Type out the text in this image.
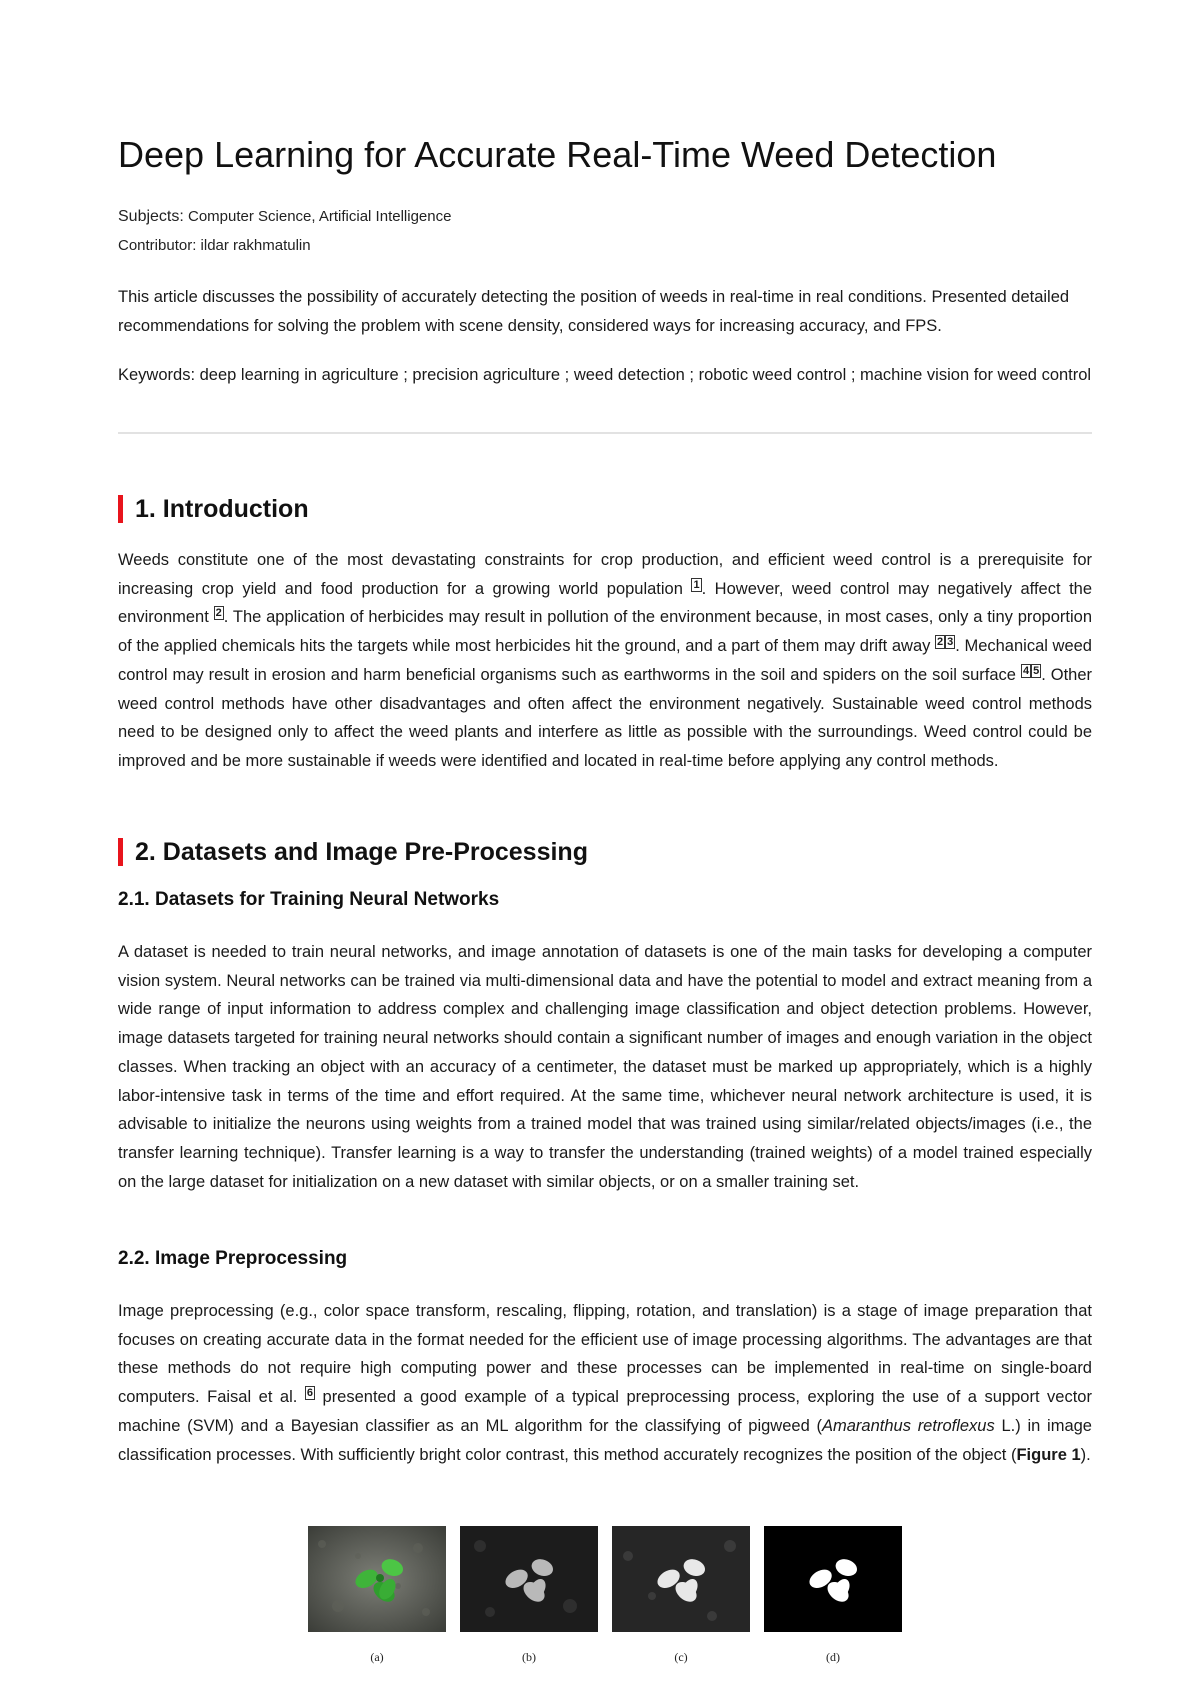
Deep Learning for Accurate Real-Time Weed Detection
Subjects: Computer Science, Artificial Intelligence
Contributor: ildar rakhmatulin

This article discusses the possibility of accurately detecting the position of weeds in real-time in real conditions. Presented detailed recommendations for solving the problem with scene density, considered ways for increasing accuracy, and FPS.

Keywords: deep learning in agriculture ; precision agriculture ; weed detection ; robotic weed control ; machine vision for weed control

1. Introduction

Weeds constitute one of the most devastating constraints for crop production, and efficient weed control is a prerequisite for increasing crop yield and food production for a growing world population $^1$ . However, weed control may negatively affect the environment $^2$ . The application of herbicides may result in pollution of the environment because, in most cases, only a tiny proportion of the applied chemicals hits the targets while most herbicides hit the ground, and a part of them may drift away $^{2 3}$ . Mechanical weed control may result in erosion and harm beneficial organisms such as earthworms in the soil and spiders on the soil surface $^{4 5}$ . Other weed control methods have other disadvantages and often affect the environment negatively. Sustainable weed control methods need to be designed only to affect the weed plants and interfere as little as possible with the surroundings. Weed control could be improved and be more sustainable if weeds were identified and located in real-time before applying any control methods.

2. Datasets and Image Pre-Processing
2.1. Datasets for Training Neural Networks

A dataset is needed to train neural networks, and image annotation of datasets is one of the main tasks for developing a computer vision system. Neural networks can be trained via multi-dimensional data and have the potential to model and extract meaning from a wide range of input information to address complex and challenging image classification and object detection problems. However, image datasets targeted for training neural networks should contain a significant number of images and enough variation in the object classes. When tracking an object with an accuracy of a centimeter, the dataset must be marked up appropriately, which is a highly labor-intensive task in terms of the time and effort required. At the same time, whichever neural network architecture is used, it is advisable to initialize the neurons using weights from a trained model that was trained using similar/related objects/images (i.e., the transfer learning technique). Transfer learning is a way to transfer the understanding (trained weights) of a model trained especially on the large dataset for initialization on a new dataset with similar objects, or on a smaller training set.

2.2. Image Preprocessing

Image preprocessing (e.g., color space transform, rescaling, flipping, rotation, and translation) is a stage of image preparation that focuses on creating accurate data in the format needed for the efficient use of image processing algorithms. The advantages are that these methods do not require high computing power and these processes can be implemented in real-time on single-board computers. Faisal et al. $^6$ presented a good example of a typical preprocessing process, exploring the use of a support vector machine (SVM) and a Bayesian classifier as an ML algorithm for the classifying of pigweed (Amaranthus retroflexus L.) in image classification processes. With sufficiently bright color contrast, this method accurately recognizes the position of the object (Figure 1).

(a)	(b)	(c)	(d)
